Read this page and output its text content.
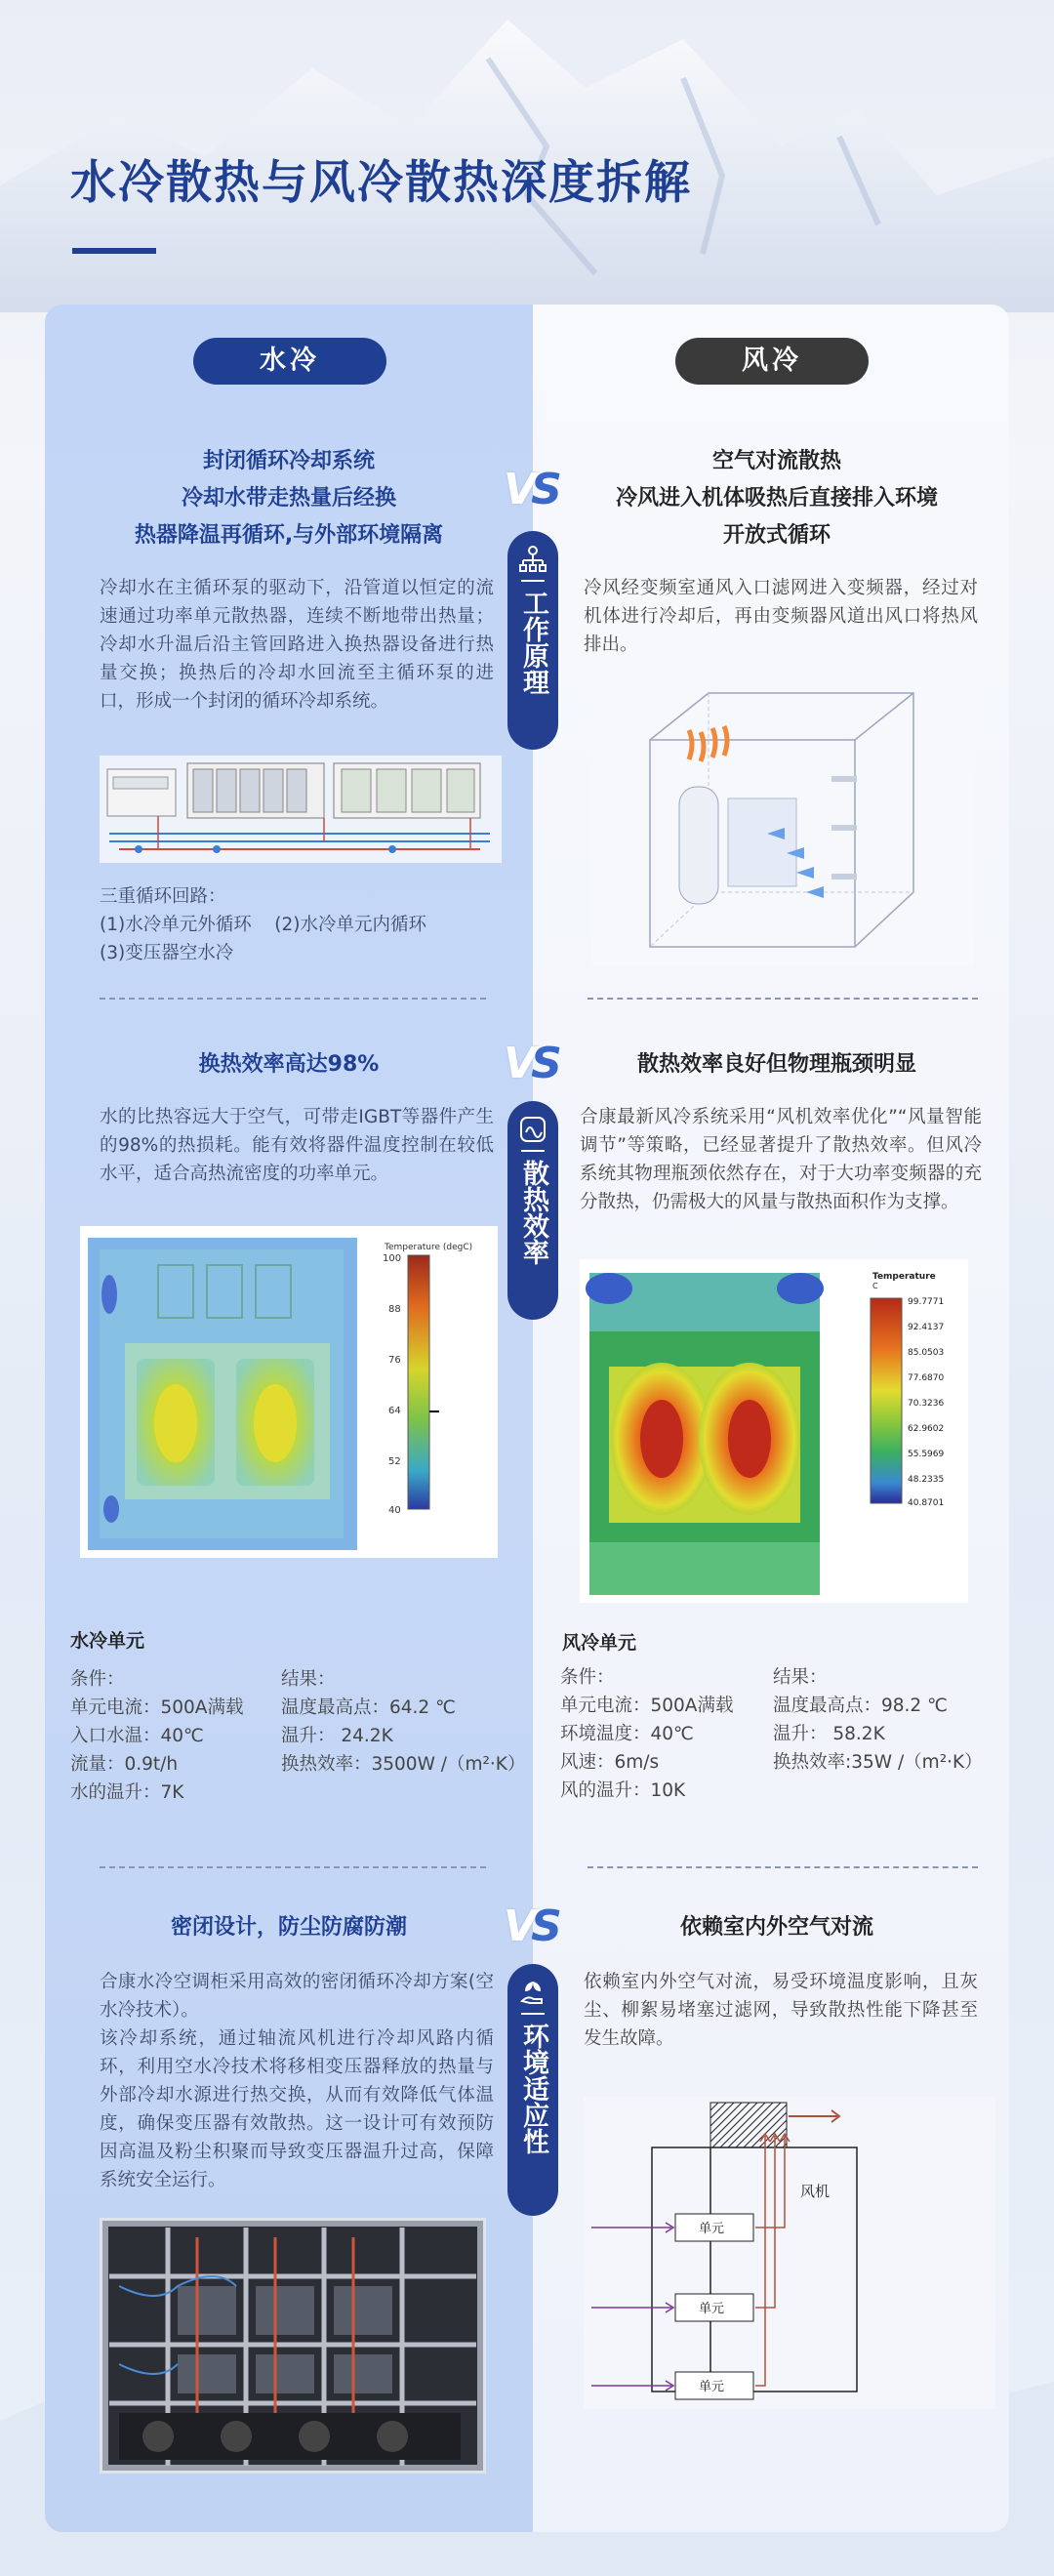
水冷散热与风冷散热深度拆解
水冷	风冷
VS
工作原理
封闭循环冷却系统
冷却水带走热量后经换
热器降温再循环,与外部环境隔离
冷却水在主循环泵的驱动下，沿管道以恒定的流速通过功率单元散热器，连续不断地带出热量；冷却水升温后沿主管回路进入换热器设备进行热量交换；换热后的冷却水回流至主循环泵的进口，形成一个封闭的循环冷却系统。
三重循环回路：
(1)水冷单元外循环 (2)水冷单元内循环
(3)变压器空水冷
空气对流散热
冷风进入机体吸热后直接排入环境
开放式循环
冷风经变频室通风入口滤网进入变频器，经过对机体进行冷却后，再由变频器风道出风口将热风排出。
VS
散热效率
换热效率高达98%
水的比热容远大于空气，可带走IGBT等器件产生的98%的热损耗。能有效将器件温度控制在较低水平，适合高热流密度的功率单元。
Temperature (degC)
100
88
76
64
52
40
水冷单元
条件：
单元电流：500A满载
入口水温：40℃
流量：0.9t/h
水的温升：7K
结果：
温度最高点：64.2 ℃
温升： 24.2K
换热效率：3500W /（m²·K）
散热效率良好但物理瓶颈明显
合康最新风冷系统采用“风机效率优化”“风量智能调节”等策略，已经显著提升了散热效率。但风冷系统其物理瓶颈依然存在，对于大功率变频器的充分散热，仍需极大的风量与散热面积作为支撑。
Temperature
C
99.7771
92.4137
85.0503
77.6870
70.3236
62.9602
55.5969
48.2335
40.8701
风冷单元
条件：
单元电流：500A满载
环境温度：40℃
风速：6m/s
风的温升：10K
结果：
温度最高点：98.2 ℃
温升： 58.2K
换热效率:35W /（m²·K）
VS
环境适应性
密闭设计，防尘防腐防潮
合康水冷空调柜采用高效的密闭循环冷却方案(空水冷技术）。
该冷却系统，通过轴流风机进行冷却风路内循环，利用空水冷技术将移相变压器释放的热量与外部冷却水源进行热交换，从而有效降低气体温度，确保变压器有效散热。这一设计可有效预防因高温及粉尘积聚而导致变压器温升过高，保障系统安全运行。
依赖室内外空气对流
依赖室内外空气对流，易受环境温度影响，且灰尘、柳絮易堵塞过滤网，导致散热性能下降甚至发生故障。
风机
单元
单元
单元
